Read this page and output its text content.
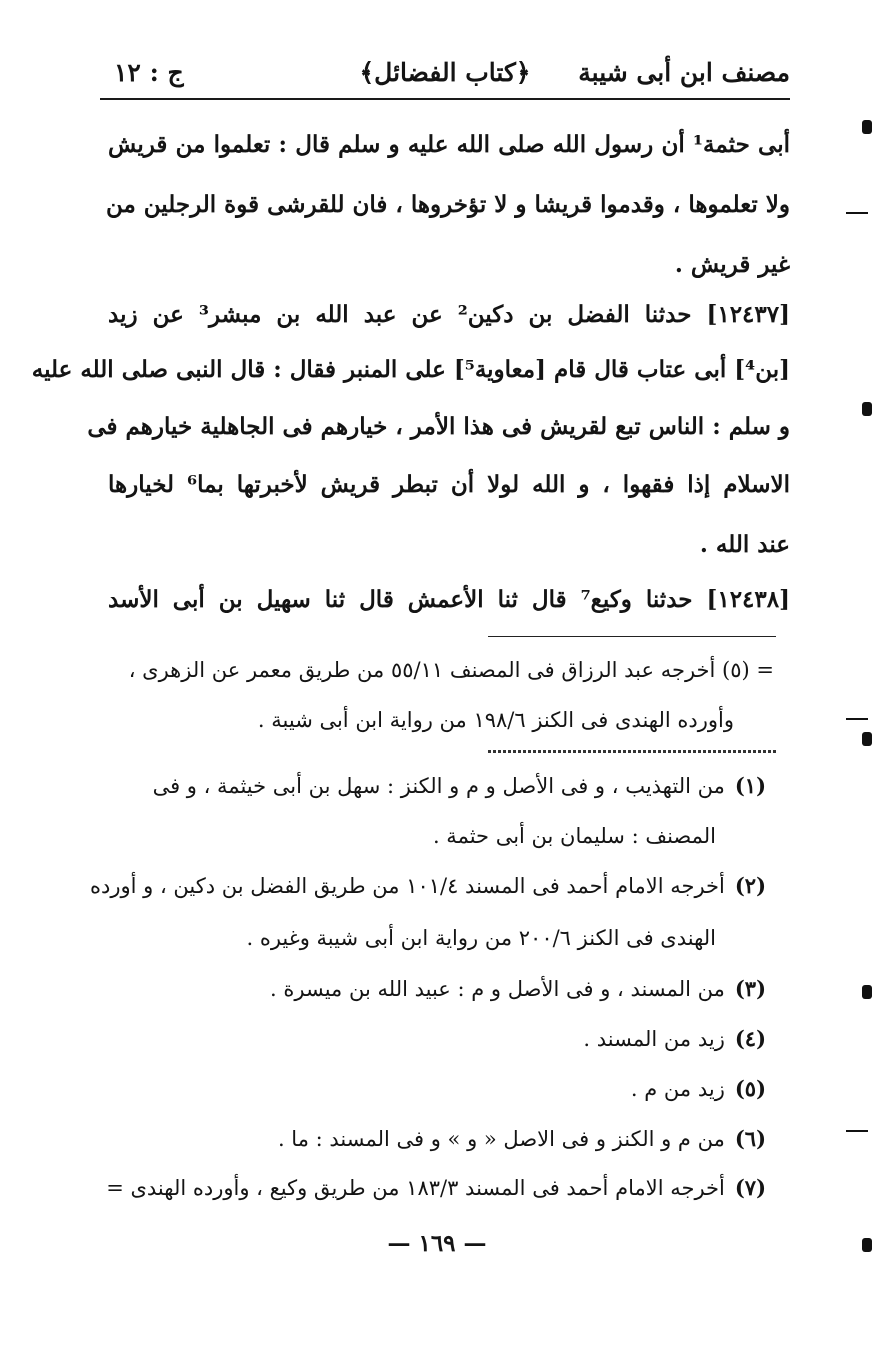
مصنف ابن أبى شيبة
﴿كتاب الفضائل﴾
ج : ١٢
أبى حثمة¹ أن رسول الله صلى الله عليه و سلم قال : تعلموا من قريش
ولا تعلموها ، وقدموا قريشا و لا تؤخروها ، فان للقرشى قوة الرجلين من
غير قريش .
[١٢٤٣٧] حدثنا الفضل بن دكين² عن عبد الله بن مبشر³ عن زيد
[بن⁴] أبى عتاب قال قام [معاوية⁵] على المنبر فقال : قال النبى صلى الله عليه
و سلم : الناس تبع لقريش فى هذا الأمر ، خيارهم فى الجاهلية خيارهم فى
الاسلام إذا فقهوا ، و الله لولا أن تبطر قريش لأخبرتها بما⁶ لخيارها
عند الله .
[١٢٤٣٨] حدثنا وكيع⁷ قال ثنا الأعمش قال ثنا سهيل بن أبى الأسد
= (٥) أخرجه عبد الرزاق فى المصنف ٥٥/١١ من طريق معمر عن الزهرى ،
وأورده الهندى فى الكنز ١٩٨/٦ من رواية ابن أبى شيبة .
(١)من التهذيب ، و فى الأصل و م و الكنز : سهل بن أبى خيثمة ، و فى
المصنف : سليمان بن أبى حثمة .
(٢)أخرجه الامام أحمد فى المسند ١٠١/٤ من طريق الفضل بن دكين ، و أورده
الهندى فى الكنز ٢٠٠/٦ من رواية ابن أبى شيبة وغيره .
(٣)من المسند ، و فى الأصل و م : عبيد الله بن ميسرة .
(٤)زيد من المسند .
(٥)زيد من م .
(٦)من م و الكنز و فى الاصل « و » و فى المسند : ما .
(٧)أخرجه الامام أحمد فى المسند ١٨٣/٣ من طريق وكيع ، وأورده الهندى =
— ١٦٩ —
